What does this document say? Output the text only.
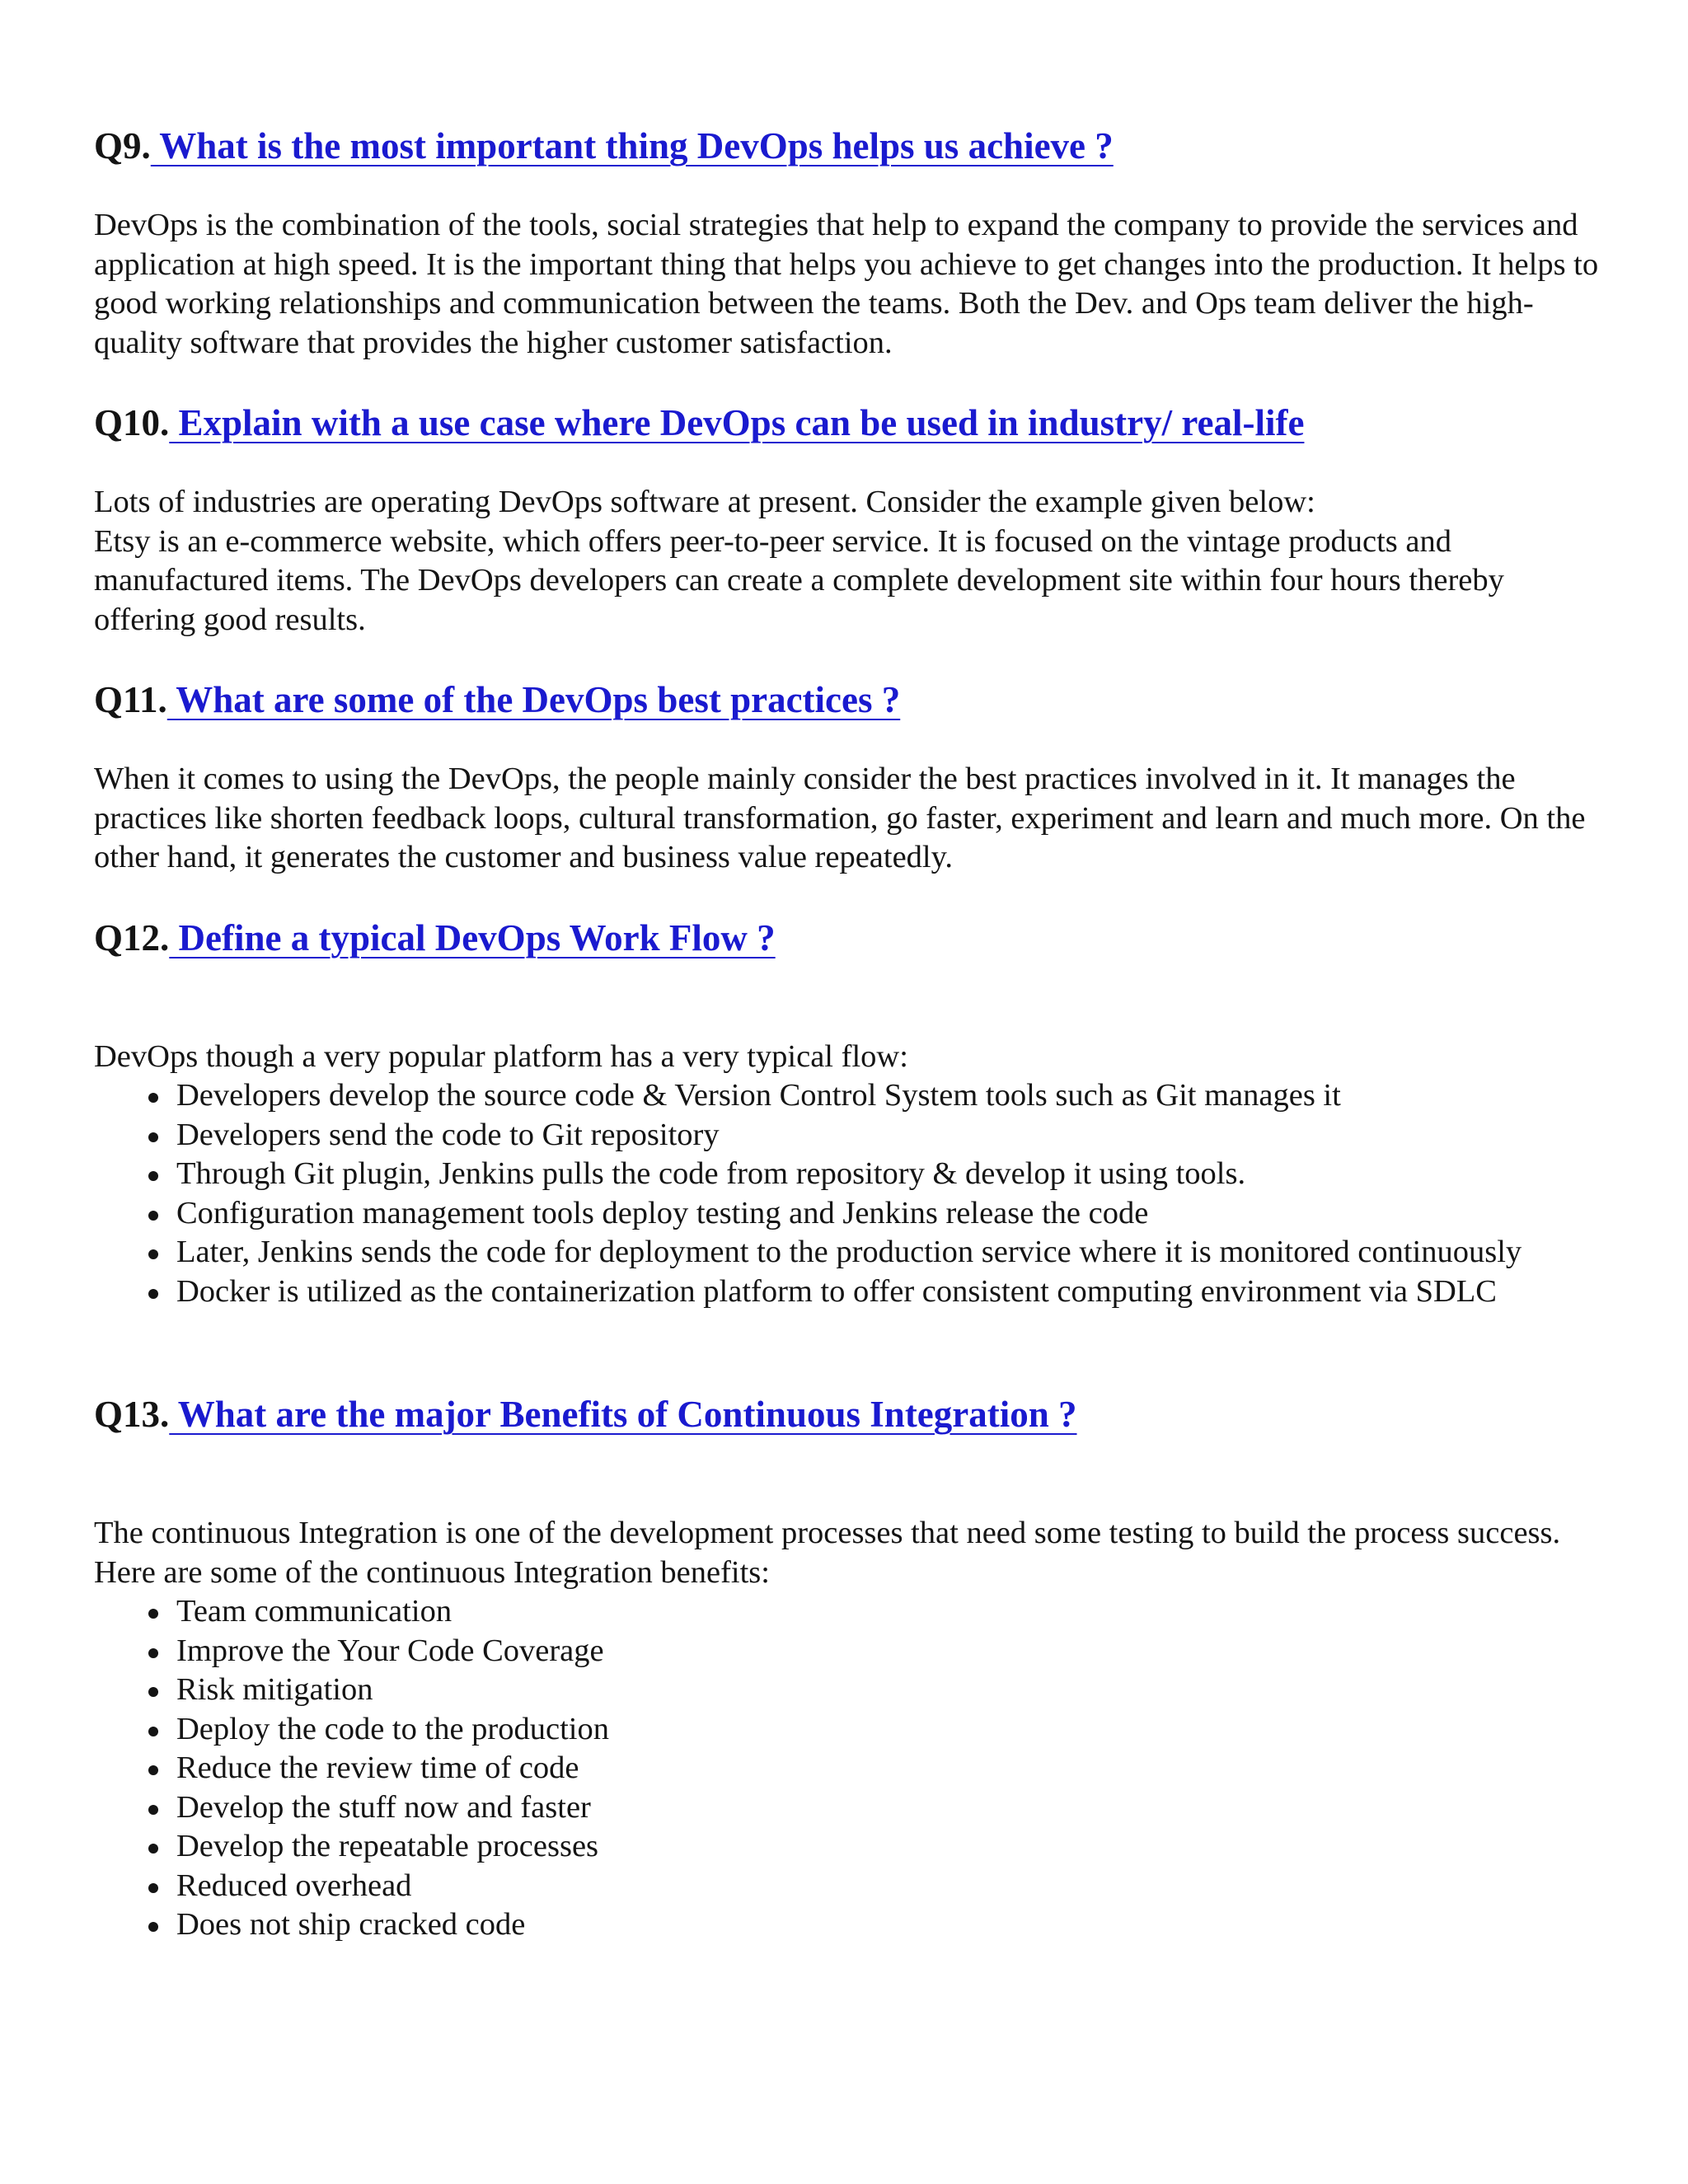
Q9. What is the most important thing DevOps helps us achieve ?
DevOps is the combination of the tools, social strategies that help to expand the company to provide the services and application at high speed. It is the important thing that helps you achieve to get changes into the production. It helps to good working relationships and communication between the teams. Both the Dev. and Ops team deliver the high- quality software that provides the higher customer satisfaction.
Q10. Explain with a use case where DevOps can be used in industry/ real-life

Lots of industries are operating DevOps software at present. Consider the example given below:

Etsy is an e-commerce website, which offers peer-to-peer service. It is focused on the vintage products and manufactured items. The DevOps developers can create a complete development site within four hours thereby offering good results.

Q11. What are some of the DevOps best practices ?
When it comes to using the DevOps, the people mainly consider the best practices involved in it. It manages the practices like shorten feedback loops, cultural transformation, go faster, experiment and learn and much more. On the other hand, it generates the customer and business value repeatedly.
Q12. Define a typical DevOps Work Flow ?
DevOps though a very popular platform has a very typical flow:
Developers develop the source code & Version Control System tools such as Git manages it
Developers send the code to Git repository
Through Git plugin, Jenkins pulls the code from repository & develop it using tools.
Configuration management tools deploy testing and Jenkins release the code
Later, Jenkins sends the code for deployment to the production service where it is monitored continuously
Docker is utilized as the containerization platform to offer consistent computing environment via SDLC
Q13. What are the major Benefits of Continuous Integration ?
The continuous Integration is one of the development processes that need some testing to build the process success. Here are some of the continuous Integration benefits:
Team communication
Improve the Your Code Coverage
Risk mitigation
Deploy the code to the production
Reduce the review time of code
Develop the stuff now and faster
Develop the repeatable processes
Reduced overhead
Does not ship cracked code
